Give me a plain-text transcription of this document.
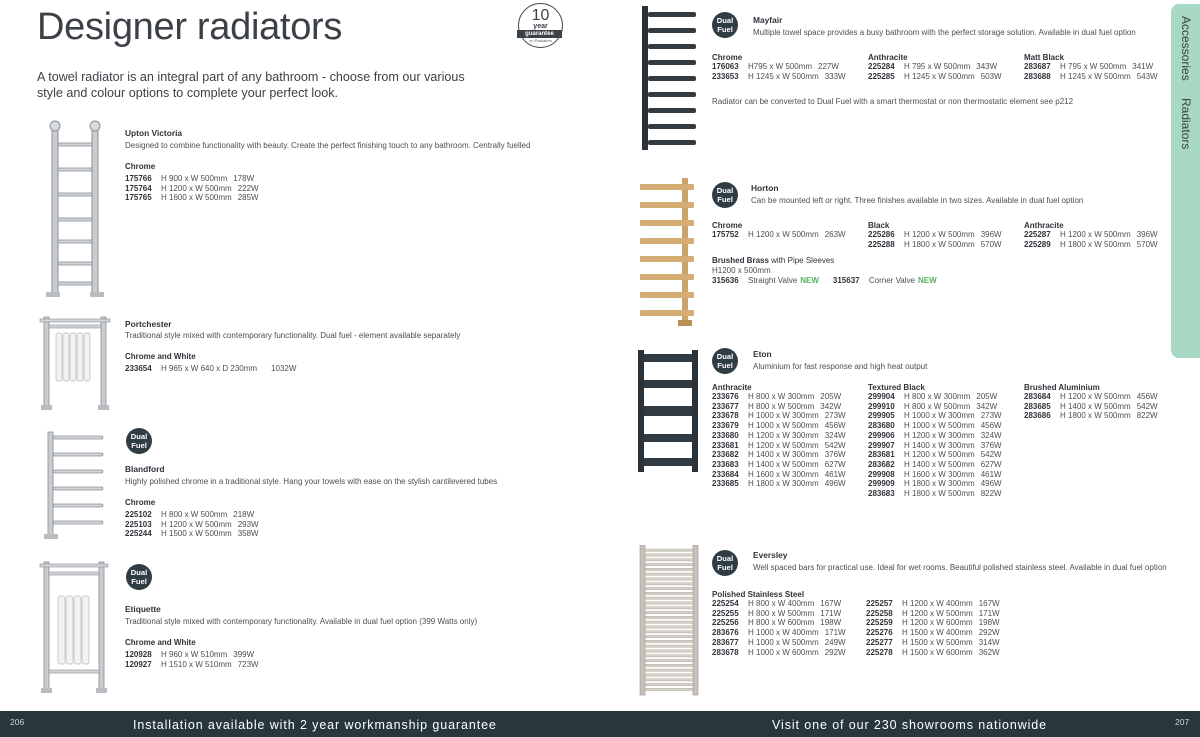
Designer radiators
A towel radiator is an integral part of any bathroom - choose from our various style and colour options to complete your perfect look.
10
year
guarantee
on Radiators	Accessories
Radiators
Upton Victoria
Designed to combine functionality with beauty. Create the perfect finishing touch to any bathroom. Centrally fuelled
Chrome
175766 H 900 x W 500mm 178W
175764 H 1200 x W 500mm 222W
175765 H 1600 x W 500mm 285W
Portchester
Traditional style mixed with contemporary functionality. Dual fuel - element available separately
Chrome and White
233654 H 965 x W 640 x D 230mm 1032W
Dual
Fuel
Blandford
Highly polished chrome in a traditional style. Hang your towels with ease on the stylish cantilevered tubes
Chrome
225102 H 800 x W 500mm 218W
225103 H 1200 x W 500mm 293W
225244 H 1500 x W 500mm 358W
Dual
Fuel
Etiquette
Traditional style mixed with contemporary functionality. Available in dual fuel option (399 Watts only)
Chrome and White
120928 H 960 x W 510mm 399W
120927 H 1510 x W 510mm 723W
Dual
Fuel
Mayfair
Multiple towel space provides a busy bathroom with the perfect storage solution. Available in dual fuel option
Chrome
176063 H795 x W 500mm 227W
233653 H 1245 x W 500mm 333W
Anthracite
225284 H 795 x W 500mm 343W
225285 H 1245 x W 500mm 503W
Matt Black
283687 H 795 x W 500mm 341W
283688 H 1245 x W 500mm 543W
Radiator can be converted to Dual Fuel with a smart thermostat or non thermostatic element see p212
Dual
Fuel
Horton
Can be mounted left or right. Three finishes available in two sizes. Available in dual fuel option
Chrome
175752 H 1200 x W 500mm 263W
Black
225286 H 1200 x W 500mm 396W
225288 H 1800 x W 500mm 570W
Anthracite
225287 H 1200 x W 500mm 396W
225289 H 1800 x W 500mm 570W
Brushed Brass with Pipe Sleeves
H1200 x 500mm
315636 Straight Valve NEW 315637 Corner Valve NEW
Dual
Fuel
Eton
Aluminium for fast response and high heat output
Anthracite
233676 H 800 x W 300mm 205W
233677 H 800 x W 500mm 342W
233678 H 1000 x W 300mm 273W
233679 H 1000 x W 500mm 456W
233680 H 1200 x W 300mm 324W
233681 H 1200 x W 500mm 542W
233682 H 1400 x W 300mm 376W
233683 H 1400 x W 500mm 627W
233684 H 1600 x W 300mm 461W
233685 H 1800 x W 300mm 496W
Textured Black
299904 H 800 x W 300mm 205W
299910 H 800 x W 500mm 342W
299905 H 1000 x W 300mm 273W
283680 H 1000 x W 500mm 456W
299906 H 1200 x W 300mm 324W
299907 H 1400 x W 300mm 376W
283681 H 1200 x W 500mm 542W
283682 H 1400 x W 500mm 627W
299908 H 1600 x W 300mm 461W
299909 H 1800 x W 300mm 496W
283683 H 1800 x W 500mm 822W
Brushed Aluminium
283684 H 1200 x W 500mm 456W
283685 H 1400 x W 500mm 542W
283686 H 1800 x W 500mm 822W
Dual
Fuel
Eversley
Well spaced bars for practical use. Ideal for wet rooms. Beautiful polished stainless steel. Available in dual fuel option
Polished Stainless Steel
225254 H 800 x W 400mm 167W
225255 H 800 x W 500mm 171W
225256 H 800 x W 600mm 198W
283676 H 1000 x W 400mm 171W
283677 H 1000 x W 500mm 249W
283678 H 1000 x W 600mm 292W
225257 H 1200 x W 400mm 167W
225258 H 1200 x W 500mm 171W
225259 H 1200 x W 600mm 198W
225276 H 1500 x W 400mm 292W
225277 H 1500 x W 500mm 314W
225278 H 1500 x W 600mm 362W
206	Installation available with 2 year workmanship guarantee	Visit one of our 230 showrooms nationwide	207
